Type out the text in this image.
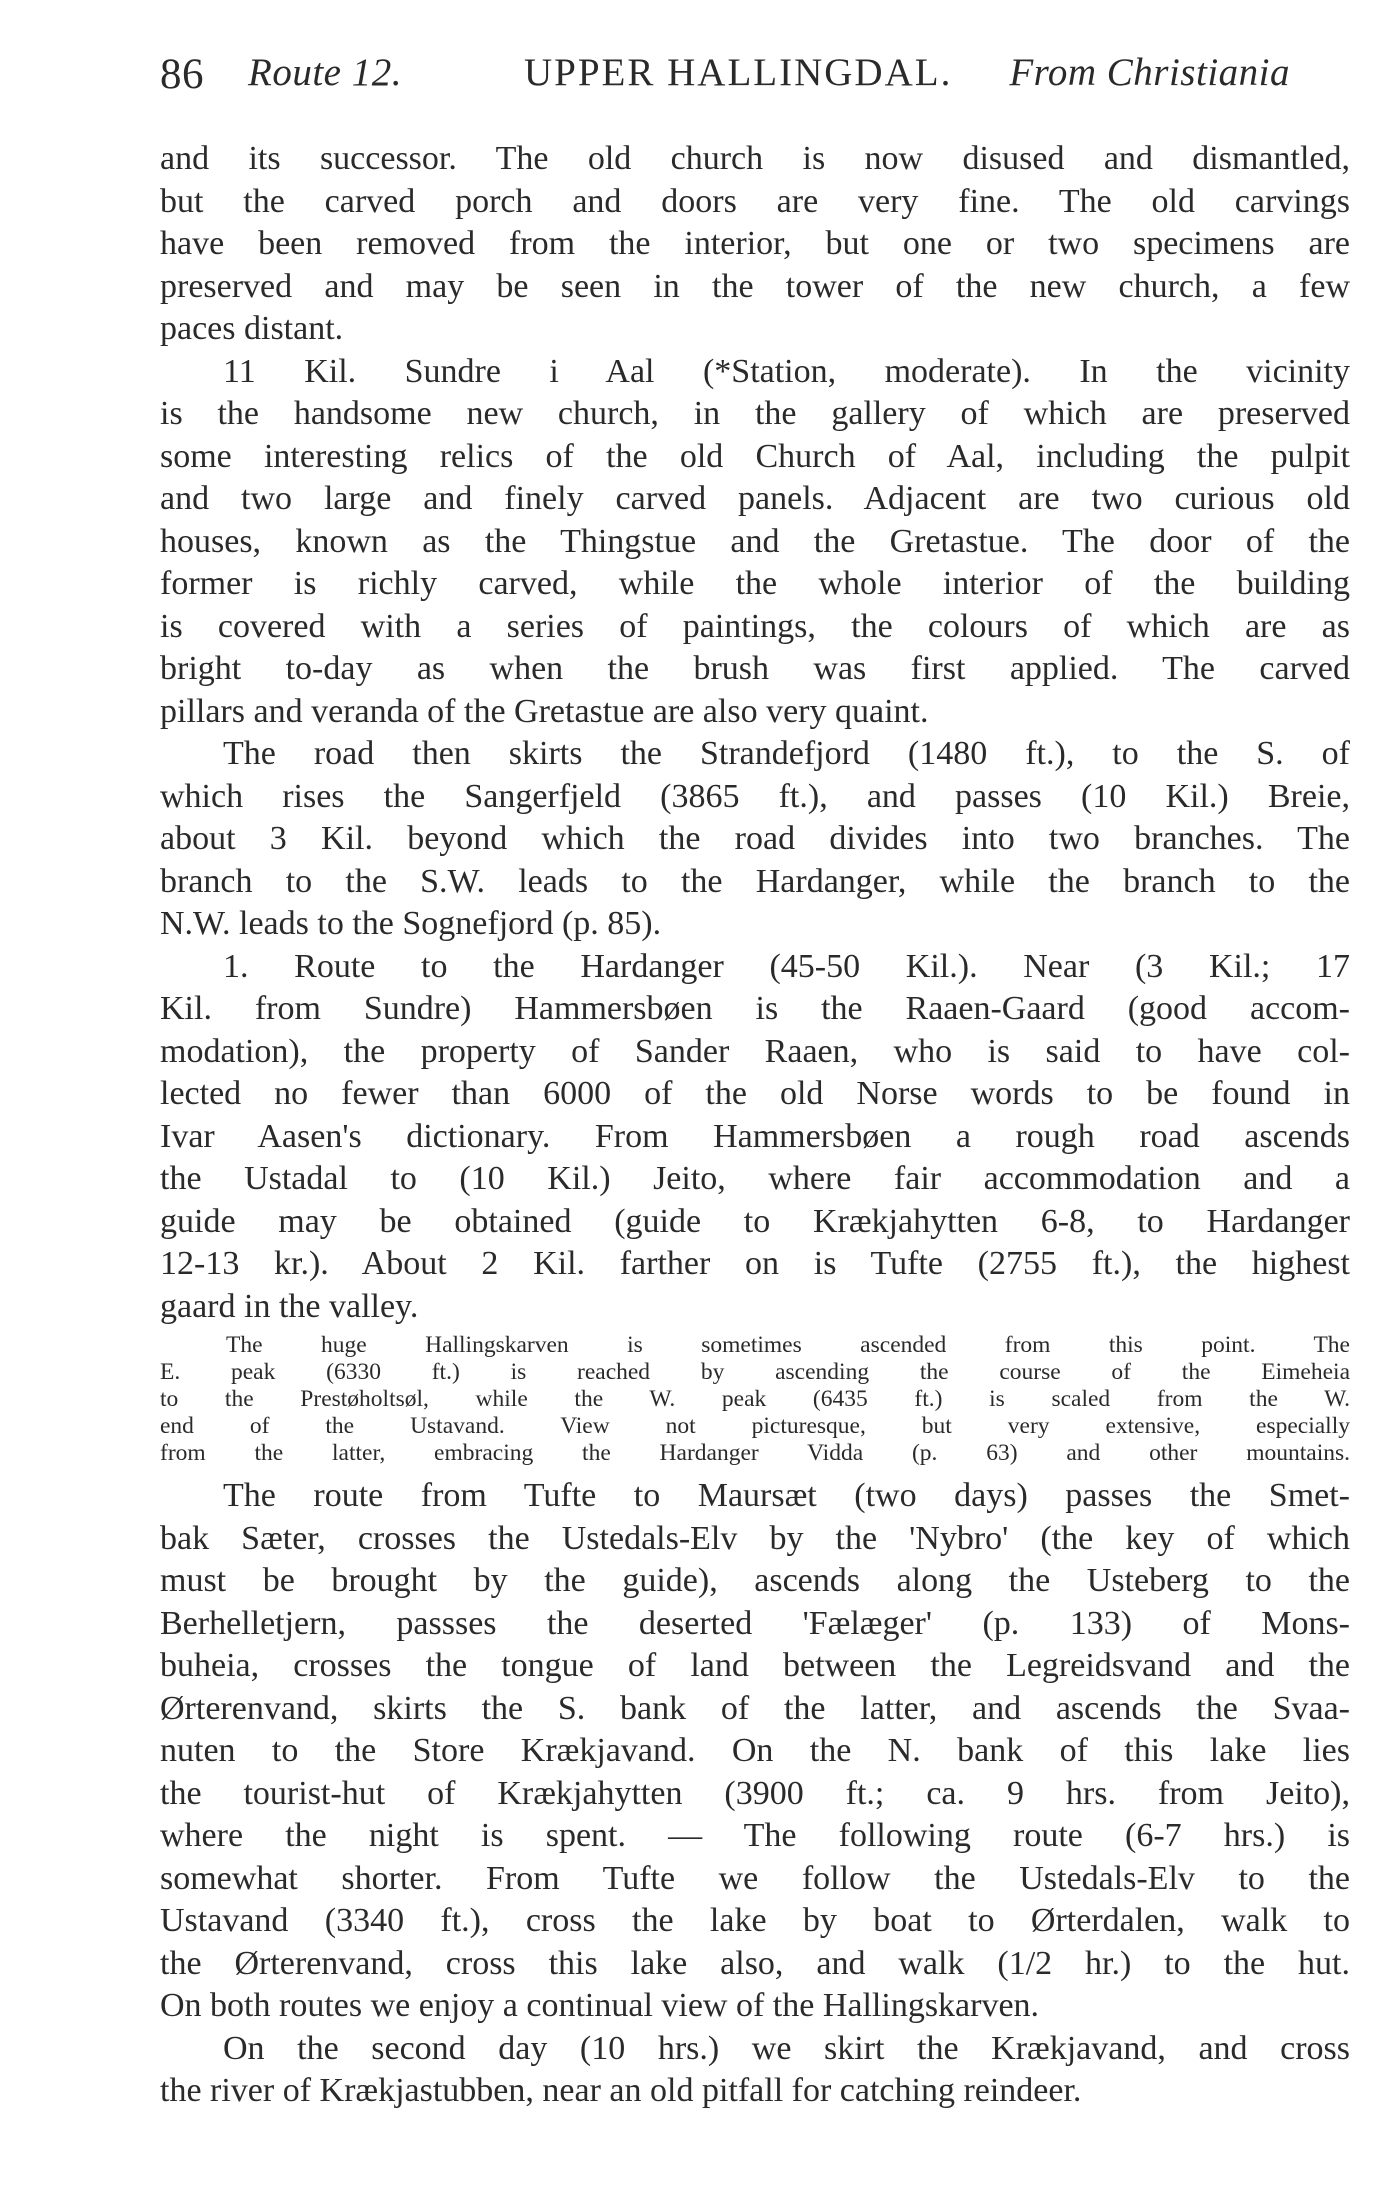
86 Route 12.	UPPER HALLINGDAL. From Christiania
and its successor. The old church is now disused and dismantled,
but the carved porch and doors are very fine. The old carvings
have been removed from the interior, but one or two specimens are
preserved and may be seen in the tower of the new church, a few
paces distant.
11 Kil. Sundre i Aal (*Station, moderate). In the vicinity
is the handsome new church, in the gallery of which are preserved
some interesting relics of the old Church of Aal, including the pulpit
and two large and finely carved panels. Adjacent are two curious old
houses, known as the Thingstue and the Gretastue. The door of the
former is richly carved, while the whole interior of the building
is covered with a series of paintings, the colours of which are as
bright to-day as when the brush was first applied. The carved
pillars and veranda of the Gretastue are also very quaint.
The road then skirts the Strandefjord (1480 ft.), to the S. of
which rises the Sangerfjeld (3865 ft.), and passes (10 Kil.) Breie,
about 3 Kil. beyond which the road divides into two branches. The
branch to the S.W. leads to the Hardanger, while the branch to the
N.W. leads to the Sognefjord (p. 85).
1. Route to the Hardanger (45-50 Kil.). Near (3 Kil.; 17
Kil. from Sundre) Hammersbøen is the Raaen-Gaard (good accom-
modation), the property of Sander Raaen, who is said to have col-
lected no fewer than 6000 of the old Norse words to be found in
Ivar Aasen's dictionary. From Hammersbøen a rough road ascends
the Ustadal to (10 Kil.) Jeito, where fair accommodation and a
guide may be obtained (guide to Krækjahytten 6-8, to Hardanger
12-13 kr.). About 2 Kil. farther on is Tufte (2755 ft.), the highest
gaard in the valley.
The huge Hallingskarven is sometimes ascended from this point. The
E. peak (6330 ft.) is reached by ascending the course of the Eimeheia
to the Prestøholtsøl, while the W. peak (6435 ft.) is scaled from the W.
end of the Ustavand. View not picturesque, but very extensive, especially
from the latter, embracing the Hardanger Vidda (p. 63) and other mountains.
The route from Tufte to Maursæt (two days) passes the Smet-
bak Sæter, crosses the Ustedals-Elv by the 'Nybro' (the key of which
must be brought by the guide), ascends along the Usteberg to the
Berhelletjern, passses the deserted 'Fælæger' (p. 133) of Mons-
buheia, crosses the tongue of land between the Legreidsvand and the
Ørterenvand, skirts the S. bank of the latter, and ascends the Svaa-
nuten to the Store Krækjavand. On the N. bank of this lake lies
the tourist-hut of Krækjahytten (3900 ft.; ca. 9 hrs. from Jeito),
where the night is spent. — The following route (6-7 hrs.) is
somewhat shorter. From Tufte we follow the Ustedals-Elv to the
Ustavand (3340 ft.), cross the lake by boat to Ørterdalen, walk to
the Ørterenvand, cross this lake also, and walk (1/2 hr.) to the hut.
On both routes we enjoy a continual view of the Hallingskarven.
On the second day (10 hrs.) we skirt the Krækjavand, and cross
the river of Krækjastubben, near an old pitfall for catching reindeer.
